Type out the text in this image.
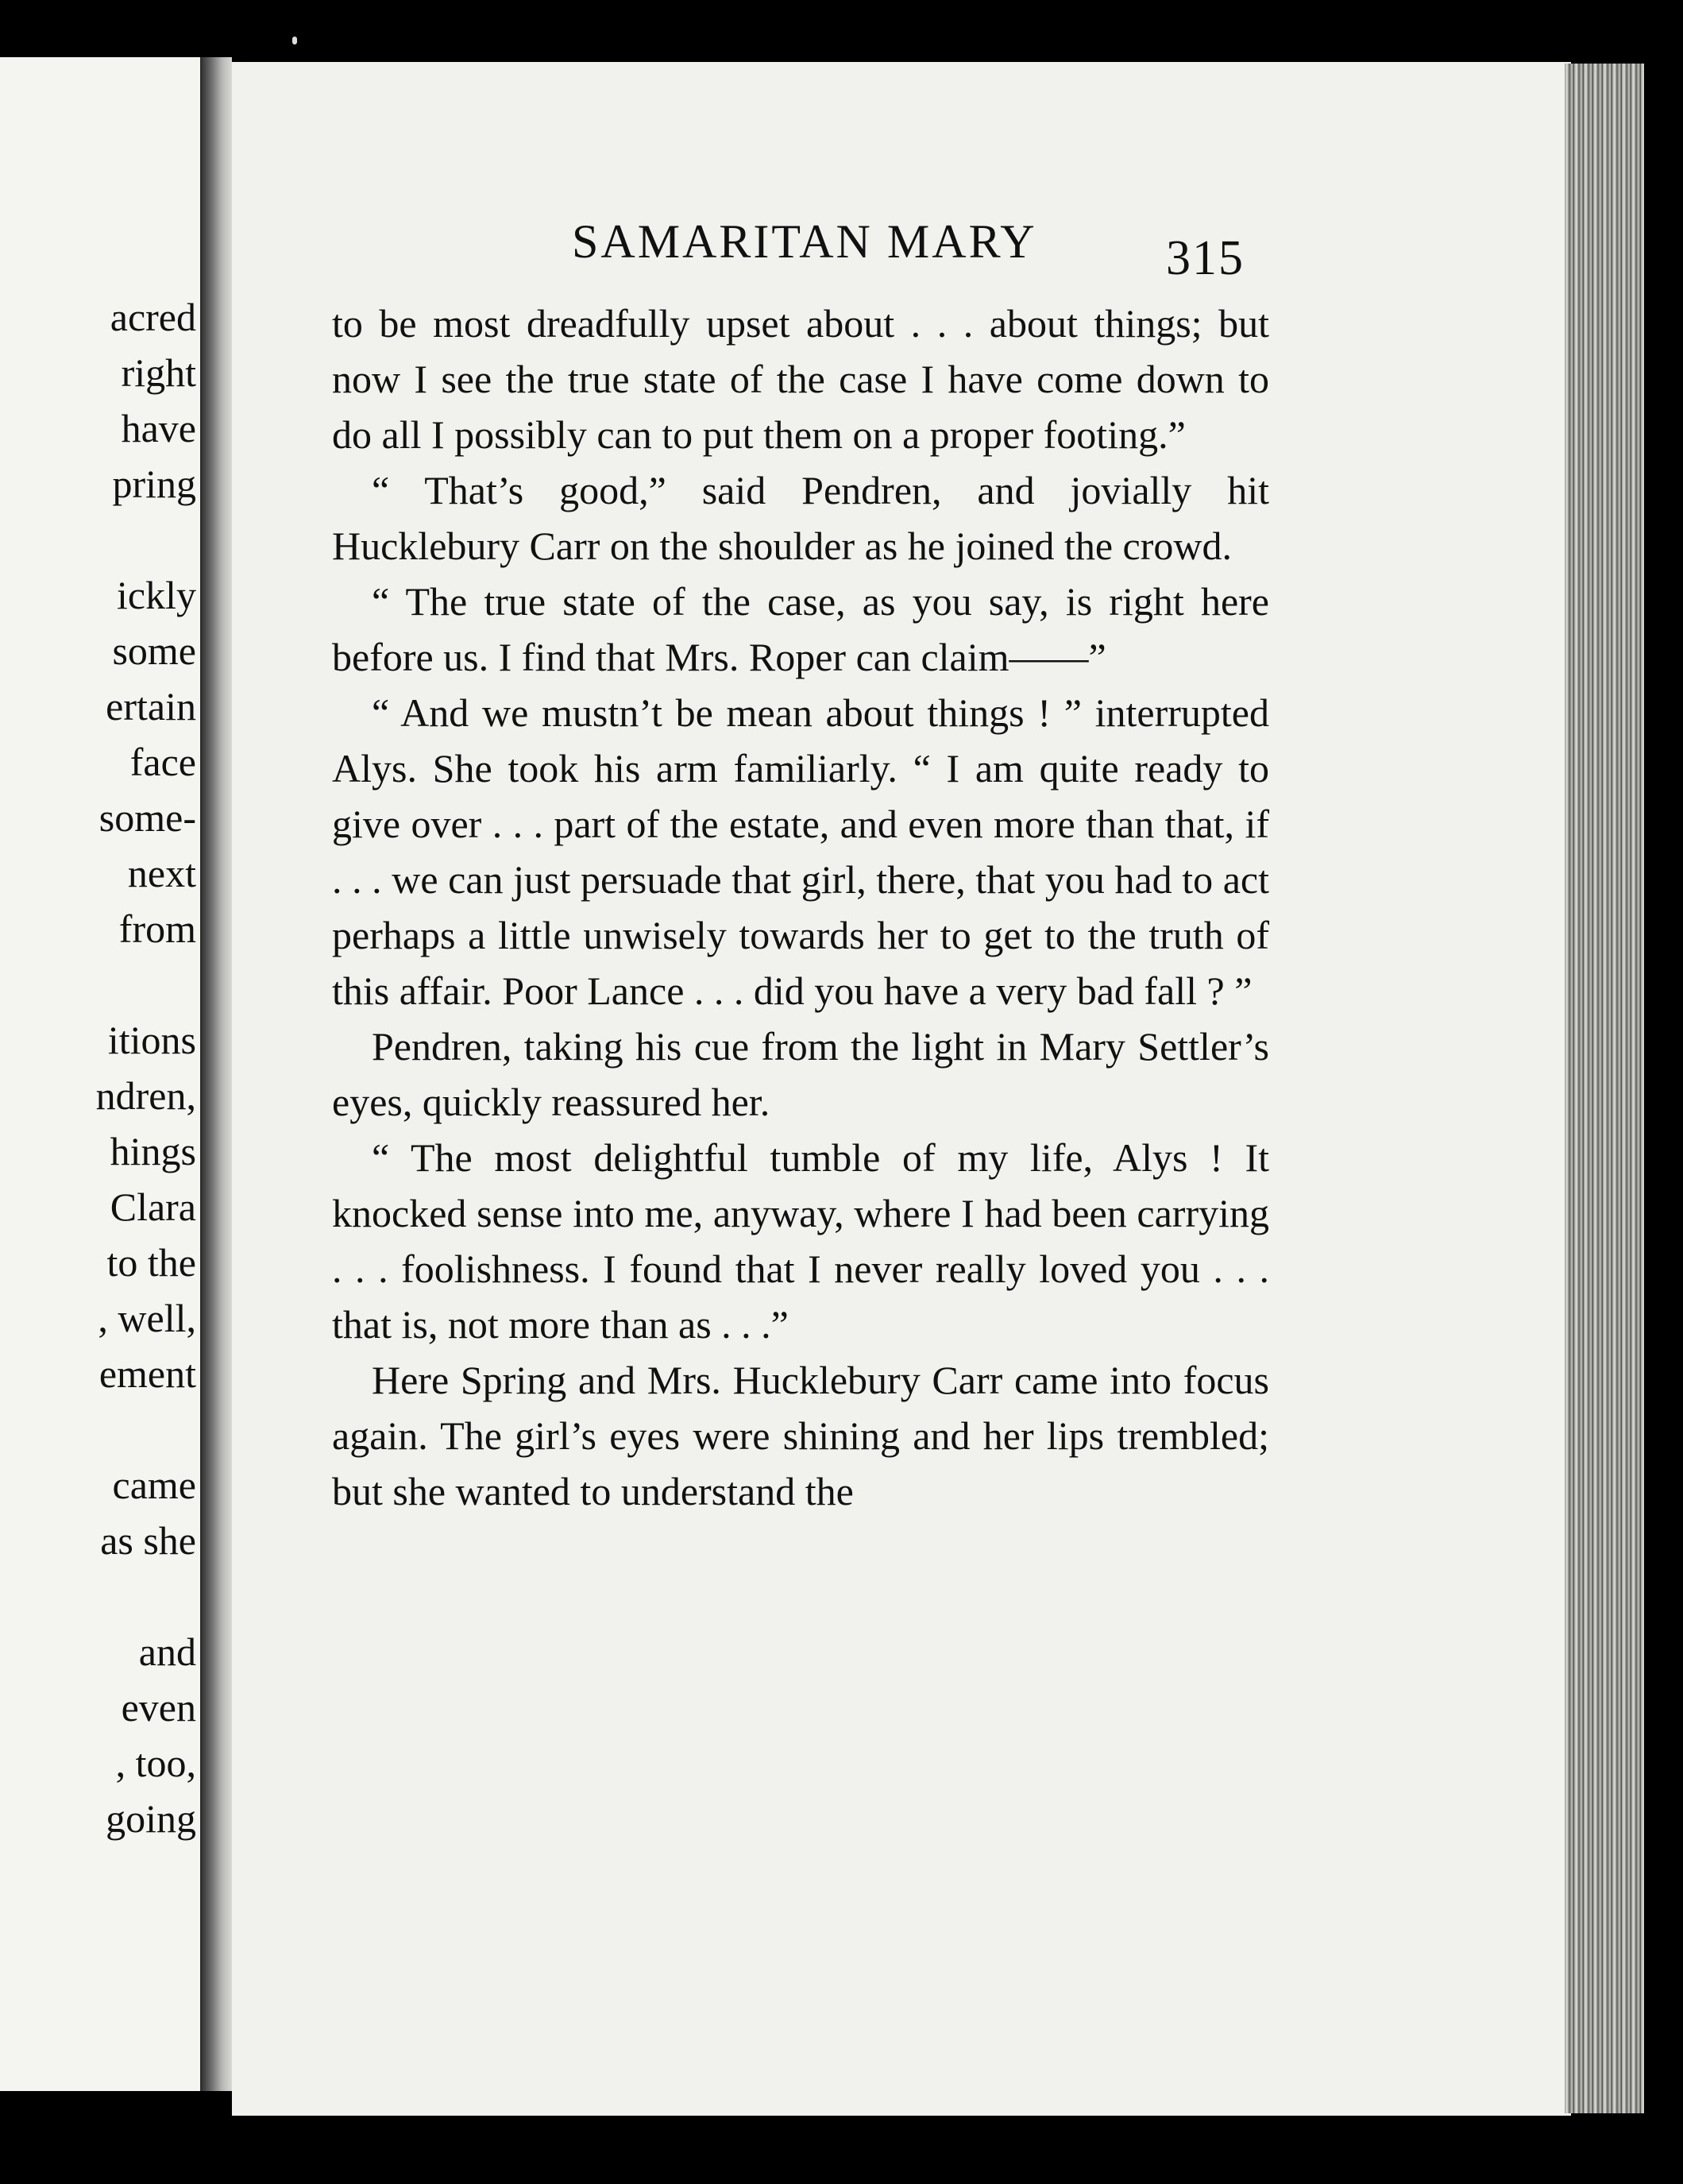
acred
right
have
pring
ickly
some
ertain
face
some-
next
from
itions
ndren,
hings
Clara
to the
, well,
ement
came
as she
and
even
, too,
going
SAMARITAN MARY	315

to be most dreadfully upset about . . . about things; but now I see the true state of the case I have come down to do all I possibly can to put them on a proper footing.”

“ That’s good,” said Pendren, and jovially hit Hucklebury Carr on the shoulder as he joined the crowd.

“ The true state of the case, as you say, is right here before us. I find that Mrs. Roper can claim——”

“ And we mustn’t be mean about things ! ” interrupted Alys. She took his arm familiarly. “ I am quite ready to give over . . . part of the estate, and even more than that, if . . . we can just persuade that girl, there, that you had to act perhaps a little unwisely towards her to get to the truth of this affair. Poor Lance . . . did you have a very bad fall ? ”

Pendren, taking his cue from the light in Mary Settler’s eyes, quickly reassured her.

“ The most delightful tumble of my life, Alys ! It knocked sense into me, anyway, where I had been carrying . . . foolishness. I found that I never really loved you . . . that is, not more than as . . .”

Here Spring and Mrs. Hucklebury Carr came into focus again. The girl’s eyes were shining and her lips trembled; but she wanted to understand the
